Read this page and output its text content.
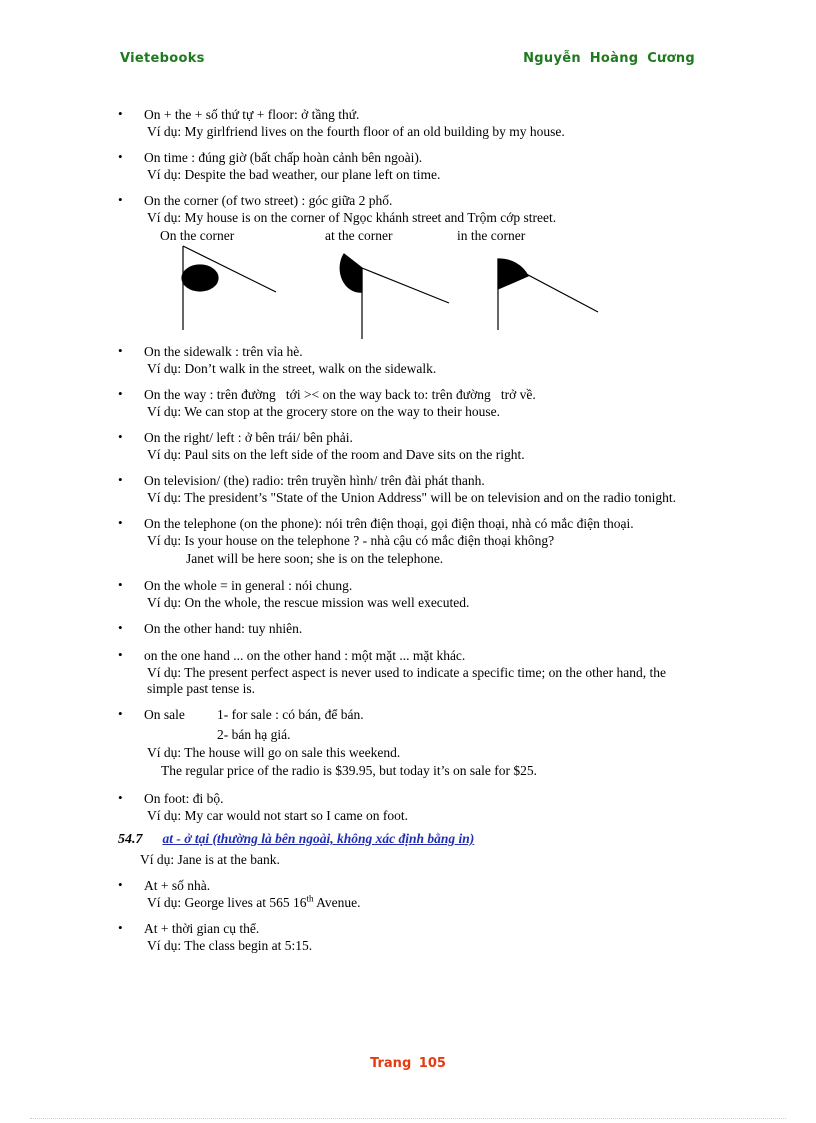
Vietebooks	Nguyễn Hoàng Cương
• On + the + số thứ tự + floor: ở tầng thứ.
Ví dụ: My girlfriend lives on the fourth floor of an old building by my house.
• On time : đúng giờ (bất chấp hoàn cảnh bên ngoài).
Ví dụ: Despite the bad weather, our plane left on time.
• On the corner (of two street) : góc giữa 2 phố.
Ví dụ: My house is on the corner of Ngọc khánh street and Trộm cớp street.
On the corner	at the corner	in the corner
• On the sidewalk : trên vỉa hè.
Ví dụ: Don’t walk in the street, walk on the sidewalk.
• On the way : trên đường   tới >< on the way back to: trên đường   trở về.
Ví dụ: We can stop at the grocery store on the way to their house.
• On the right/ left : ở bên trái/ bên phải.
Ví dụ: Paul sits on the left side of the room and Dave sits on the right.
• On television/ (the) radio: trên truyền hình/ trên đài phát thanh.
Ví dụ: The president’s "State of the Union Address" will be on television and on the radio tonight.
• On the telephone (on the phone): nói trên điện thoại, gọi điện thoại, nhà có mắc điện thoại.
Ví dụ: Is your house on the telephone ? - nhà cậu có mắc điện thoại không?
Janet will be here soon; she is on the telephone.
• On the whole = in general : nói chung.
Ví dụ: On the whole, the rescue mission was well executed.
• On the other hand: tuy nhiên.
• on the one hand ... on the other hand : một mặt ... mặt khác.
Ví dụ: The present perfect aspect is never used to indicate a specific time; on the other hand, the simple past tense is.
• On sale 1- for sale : có bán, để bán.
2- bán hạ giá.
Ví dụ: The house will go on sale this weekend.
The regular price of the radio is $39.95, but today it’s on sale for $25.
• On foot: đi bộ.
Ví dụ: My car would not start so I came on foot.
54.7 at - ở tại (thường là bên ngoài, không xác định bằng in)
Ví dụ: Jane is at the bank.
• At + số nhà.
Ví dụ: George lives at 565 16th Avenue.
• At + thời gian cụ thể.
Ví dụ: The class begin at 5:15.
Trang 105
